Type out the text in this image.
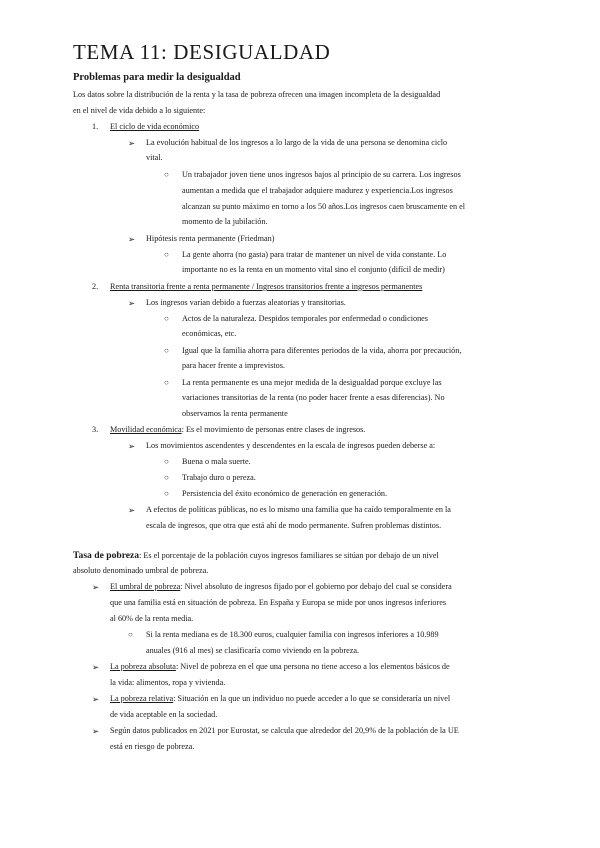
TEMA 11: DESIGUALDAD

Problemas para medir la desigualdad

Los datos sobre la distribución de la renta y la tasa de pobreza ofrecen una imagen incompleta de la desigualdad

en el nivel de vida debido a lo siguiente:

1. El ciclo de vida económico

➢ La evolución habitual de los ingresos a lo largo de la vida de una persona se denomina ciclo

vital.

○ Un trabajador joven tiene unos ingresos bajos al principio de su carrera. Los ingresos

aumentan a medida que el trabajador adquiere madurez y experiencia.Los ingresos

alcanzan su punto máximo en torno a los 50 años.Los ingresos caen bruscamente en el

momento de la jubilación.

➢ Hipótesis renta permanente (Friedman)

○ La gente ahorra (no gasta) para tratar de mantener un nivel de vida constante. Lo

importante no es la renta en un momento vital sino el conjunto (difícil de medir)

2. Renta transitoria frente a renta permanente / Ingresos transitorios frente a ingresos permanentes

➢ Los ingresos varían debido a fuerzas aleatorias y transitorias.

○ Actos de la naturaleza. Despidos temporales por enfermedad o condiciones

económicas, etc.

○ Igual que la familia ahorra para diferentes periodos de la vida, ahorra por precaución,

para hacer frente a imprevistos.

○ La renta permanente es una mejor medida de la desigualdad porque excluye las

variaciones transitorias de la renta (no poder hacer frente a esas diferencias). No

observamos la renta permanente

3. Movilidad económica: Es el movimiento de personas entre clases de ingresos.

➢ Los movimientos ascendentes y descendentes en la escala de ingresos pueden deberse a:

○ Buena o mala suerte.

○ Trabajo duro o pereza.

○ Persistencia del éxito económico de generación en generación.

➢ A efectos de políticas públicas, no es lo mismo una familia que ha caído temporalmente en la

escala de ingresos, que otra que está ahí de modo permanente. Sufren problemas distintos.

Tasa de pobreza: Es el porcentaje de la población cuyos ingresos familiares se sitúan por debajo de un nivel

absoluto denominado umbral de pobreza.

➢ El umbral de pobreza: Nivel absoluto de ingresos fijado por el gobierno por debajo del cual se considera

que una familia está en situación de pobreza. En España y Europa se mide por unos ingresos inferiores

al 60% de la renta media.

○ Si la renta mediana es de 18.300 euros, cualquier familia con ingresos inferiores a 10.989

anuales (916 al mes) se clasificaría como viviendo en la pobreza.

➢ La pobreza absoluta: Nivel de pobreza en el que una persona no tiene acceso a los elementos básicos de

la vida: alimentos, ropa y vivienda.

➢ La pobreza relativa: Situación en la que un individuo no puede acceder a lo que se consideraría un nivel

de vida aceptable en la sociedad.

➢ Según datos publicados en 2021 por Eurostat, se calcula que alrededor del 20,9% de la población de la UE

está en riesgo de pobreza.
